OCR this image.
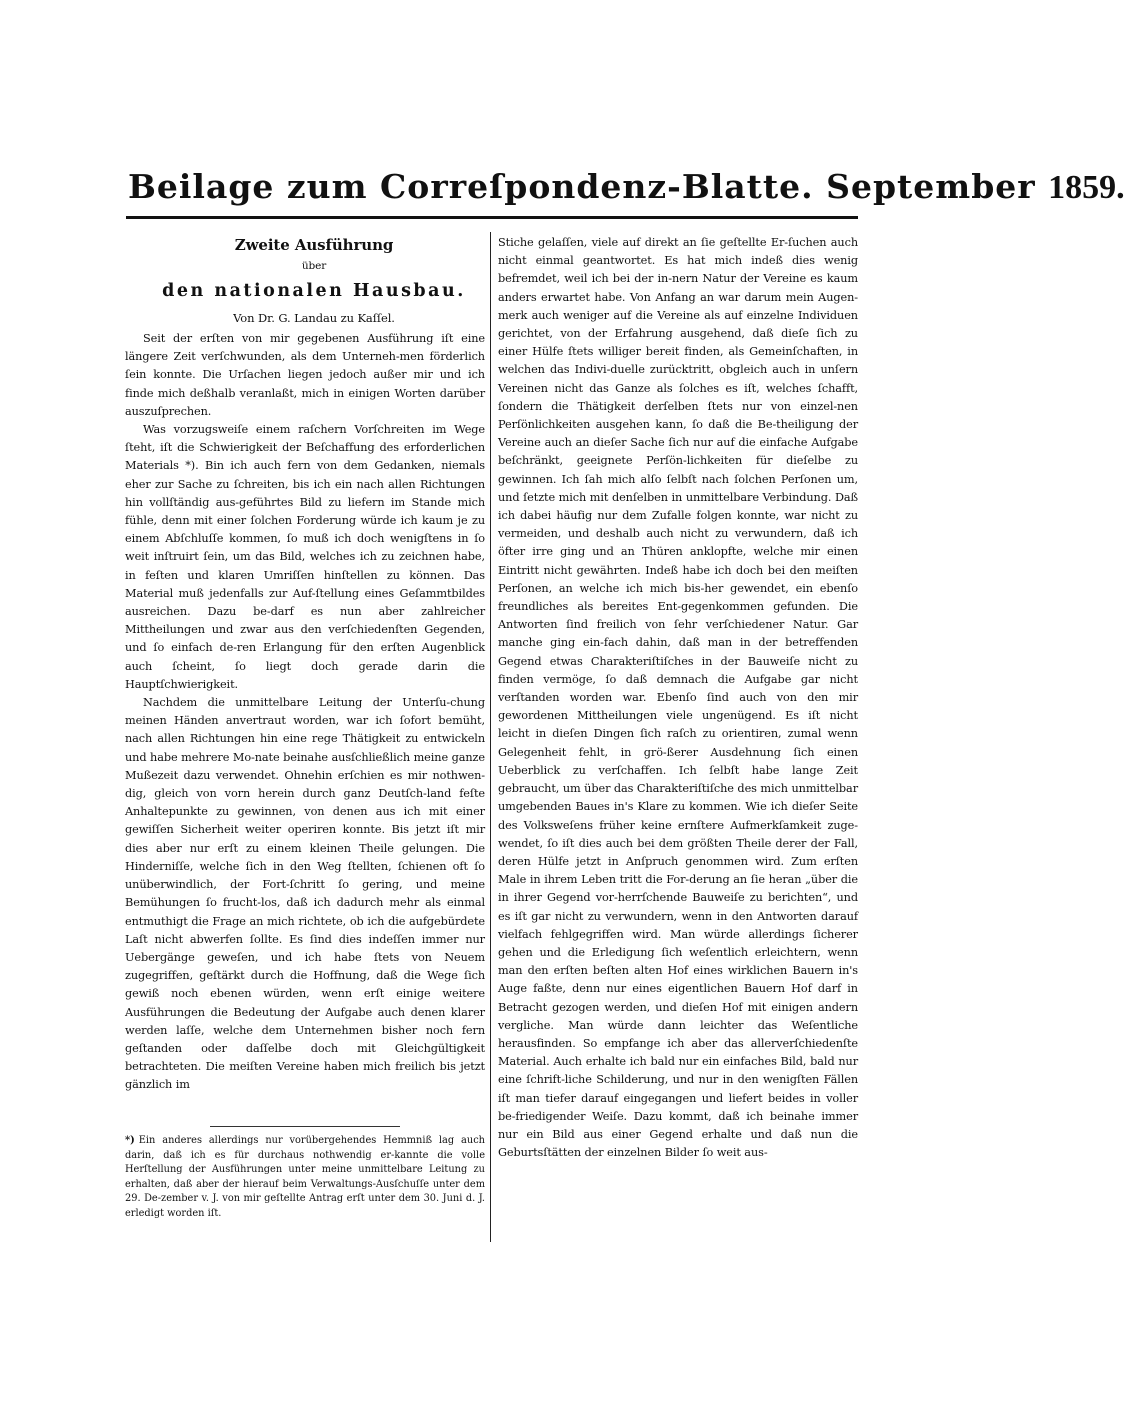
Beilage zum Correſpondenz-Blatte. September 1859.

Zweite Ausführung

über

den nationalen Hausbau.

Von Dr. G. Landau zu Kaſſel.

Seit der erſten von mir gegebenen Ausführung iſt eine längere Zeit verſchwunden, als dem Unterneh-men förderlich ſein konnte. Die Urſachen liegen jedoch außer mir und ich finde mich deßhalb veranlaßt, mich in einigen Worten darüber auszuſprechen.

Was vorzugsweiſe einem raſchern Vorſchreiten im Wege ſteht, iſt die Schwierigkeit der Beſchaffung des erforderlichen Materials *). Bin ich auch fern von dem Gedanken, niemals eher zur Sache zu ſchreiten, bis ich ein nach allen Richtungen hin vollſtändig aus-geführtes Bild zu liefern im Stande mich fühle, denn mit einer ſolchen Forderung würde ich kaum je zu einem Abſchluſſe kommen, ſo muß ich doch wenigſtens in ſo weit inſtruirt ſein, um das Bild, welches ich zu zeichnen habe, in feſten und klaren Umriſſen hinſtellen zu können. Das Material muß jedenfalls zur Auf-ſtellung eines Geſammtbildes ausreichen. Dazu be-darf es nun aber zahlreicher Mittheilungen und zwar aus den verſchiedenſten Gegenden, und ſo einfach de-ren Erlangung für den erſten Augenblick auch ſcheint, ſo liegt doch gerade darin die Hauptſchwierigkeit.

Nachdem die unmittelbare Leitung der Unterſu-chung meinen Händen anvertraut worden, war ich ſofort bemüht, nach allen Richtungen hin eine rege Thätigkeit zu entwickeln und habe mehrere Mo-nate beinahe ausſchließlich meine ganze Mußezeit dazu verwendet. Ohnehin erſchien es mir nothwen-dig, gleich von vorn herein durch ganz Deutſch-land feſte Anhaltepunkte zu gewinnen, von denen aus ich mit einer gewiſſen Sicherheit weiter operiren konnte. Bis jetzt iſt mir dies aber nur erſt zu einem kleinen Theile gelungen. Die Hinderniſſe, welche ſich in den Weg ſtellten, ſchienen oft ſo unüberwindlich, der Fort-ſchritt ſo gering, und meine Bemühungen ſo frucht-los, daß ich dadurch mehr als einmal entmuthigt die Frage an mich richtete, ob ich die aufgebürdete Laſt nicht abwerfen ſollte. Es ſind dies indeſſen immer nur Uebergänge geweſen, und ich habe ſtets von Neuem zugegriffen, geſtärkt durch die Hoffnung, daß die Wege ſich gewiß noch ebenen würden, wenn erſt einige weitere Ausführungen die Bedeutung der Aufgabe auch denen klarer werden laſſe, welche dem Unternehmen bisher noch fern geſtanden oder daſſelbe doch mit Gleichgültigkeit betrachteten. Die meiſten Vereine haben mich freilich bis jetzt gänzlich im

*) Ein anderes allerdings nur vorübergehendes Hemmniß lag auch darin, daß ich es für durchaus nothwendig er-kannte die volle Herſtellung der Ausführungen unter meine unmittelbare Leitung zu erhalten, daß aber der hierauf beim Verwaltungs-Ausſchuſſe unter dem 29. De-zember v. J. von mir geſtellte Antrag erſt unter dem 30. Juni d. J. erledigt worden iſt.

Stiche gelaſſen, viele auf direkt an ſie geſtellte Er-ſuchen auch nicht einmal geantwortet. Es hat mich indeß dies wenig befremdet, weil ich bei der in-nern Natur der Vereine es kaum anders erwartet habe. Von Anfang an war darum mein Augen-merk auch weniger auf die Vereine als auf einzelne Individuen gerichtet, von der Erfahrung ausgehend, daß dieſe ſich zu einer Hülfe ſtets williger bereit finden, als Gemeinſchaften, in welchen das Indivi-duelle zurücktritt, obgleich auch in unſern Vereinen nicht das Ganze als ſolches es iſt, welches ſchafft, ſondern die Thätigkeit derſelben ſtets nur von einzel-nen Perſönlichkeiten ausgehen kann, ſo daß die Be-theiligung der Vereine auch an dieſer Sache ſich nur auf die einfache Aufgabe beſchränkt, geeignete Perſön-lichkeiten für dieſelbe zu gewinnen. Ich ſah mich alſo ſelbſt nach ſolchen Perſonen um, und ſetzte mich mit denſelben in unmittelbare Verbindung. Daß ich dabei häufig nur dem Zufalle folgen konnte, war nicht zu vermeiden, und deshalb auch nicht zu verwundern, daß ich öfter irre ging und an Thüren anklopfte, welche mir einen Eintritt nicht gewährten. Indeß habe ich doch bei den meiſten Perſonen, an welche ich mich bis-her gewendet, ein ebenſo freundliches als bereites Ent-gegenkommen gefunden. Die Antworten ſind freilich von ſehr verſchiedener Natur. Gar manche ging ein-fach dahin, daß man in der betreffenden Gegend etwas Charakteriſtiſches in der Bauweiſe nicht zu finden vermöge, ſo daß demnach die Aufgabe gar nicht verſtanden worden war. Ebenſo ſind auch von den mir gewordenen Mittheilungen viele ungenügend. Es iſt nicht leicht in dieſen Dingen ſich raſch zu orientiren, zumal wenn Gelegenheit fehlt, in grö-ßerer Ausdehnung ſich einen Ueberblick zu verſchaffen. Ich ſelbſt habe lange Zeit gebraucht, um über das Charakteriſtiſche des mich unmittelbar umgebenden Baues in's Klare zu kommen. Wie ich dieſer Seite des Volksweſens früher keine ernſtere Aufmerkſamkeit zuge-wendet, ſo iſt dies auch bei dem größten Theile derer der Fall, deren Hülfe jetzt in Anſpruch genommen wird. Zum erſten Male in ihrem Leben tritt die For-derung an ſie heran „über die in ihrer Gegend vor-herrſchende Bauweiſe zu berichten“, und es iſt gar nicht zu verwundern, wenn in den Antworten darauf vielfach fehlgegriffen wird. Man würde allerdings ſicherer gehen und die Erledigung ſich weſentlich erleichtern, wenn man den erſten beſten alten Hof eines wirklichen Bauern in's Auge faßte, denn nur eines eigentlichen Bauern Hof darf in Betracht gezogen werden, und dieſen Hof mit einigen andern vergliche. Man würde dann leichter das Weſentliche herausfinden. So empfange ich aber das allerverſchiedenſte Material. Auch erhalte ich bald nur ein einfaches Bild, bald nur eine ſchrift-liche Schilderung, und nur in den wenigſten Fällen iſt man tiefer darauf eingegangen und liefert beides in voller be-friedigender Weiſe. Dazu kommt, daß ich beinahe immer nur ein Bild aus einer Gegend erhalte und daß nun die Geburtsſtätten der einzelnen Bilder ſo weit aus-
